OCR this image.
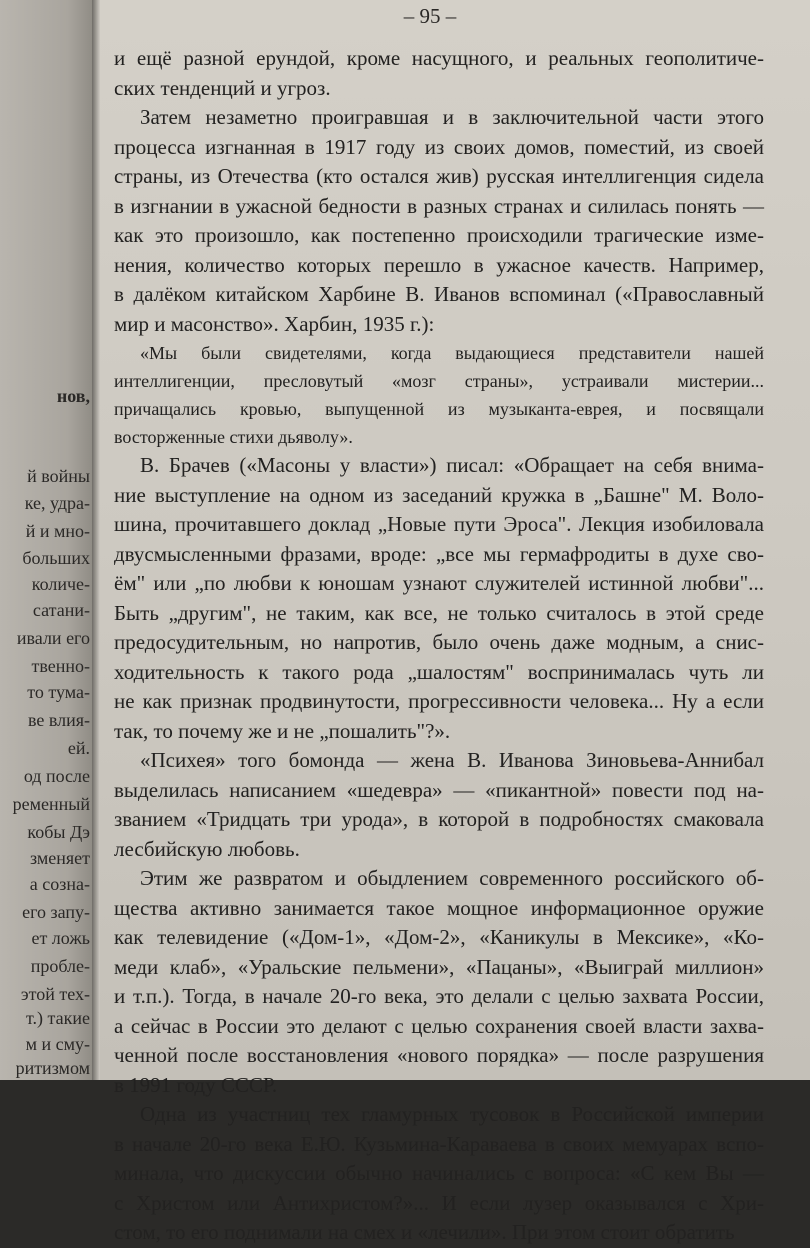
нов,
й войны
ке, удра-
й и мно-
больших
количе-
сатани-
ивали его
твенно-
то тума-
ве влия-
ей.
од после
ременный
кобы Дэ
зменяет
а созна-
его запу-
ет ложь
пробле-
этой тех-
т.) такие
м и сму-
ритизмом
– 95 –
и ещё разной ерундой, кроме насущного, и реальных геополитиче-
ских тенденций и угроз.
Затем незаметно проигравшая и в заключительной части этого
процесса изгнанная в 1917 году из своих домов, поместий, из своей
страны, из Отечества (кто остался жив) русская интеллигенция сидела
в изгнании в ужасной бедности в разных странах и силилась понять —
как это произошло, как постепенно происходили трагические изме-
нения, количество которых перешло в ужасное качеств. Например,
в далёком китайском Харбине В. Иванов вспоминал («Православный
мир и масонство». Харбин, 1935 г.):
«Мы были свидетелями, когда выдающиеся представители нашей
интеллигенции, пресловутый «мозг страны», устраивали мистерии...
причащались кровью, выпущенной из музыканта-еврея, и посвящали
восторженные стихи дьяволу».
В. Брачев («Масоны у власти») писал: «Обращает на себя внима-
ние выступление на одном из заседаний кружка в „Башне" М. Воло-
шина, прочитавшего доклад „Новые пути Эроса". Лекция изобиловала
двусмысленными фразами, вроде: „все мы гермафродиты в духе сво-
ём" или „по любви к юношам узнают служителей истинной любви"...
Быть „другим", не таким, как все, не только считалось в этой среде
предосудительным, но напротив, было очень даже модным, а снис-
ходительность к такого рода „шалостям" воспринималась чуть ли
не как признак продвинутости, прогрессивности человека... Ну а если
так, то почему же и не „пошалить"?».
«Психея» того бомонда — жена В. Иванова Зиновьева-Аннибал
выделилась написанием «шедевра» — «пикантной» повести под на-
званием «Тридцать три урода», в которой в подробностях смаковала
лесбийскую любовь.
Этим же развратом и обыдлением современного российского об-
щества активно занимается такое мощное информационное оружие
как телевидение («Дом-1», «Дом-2», «Каникулы в Мексике», «Ко-
меди клаб», «Уральские пельмени», «Пацаны», «Выиграй миллион»
и т.п.). Тогда, в начале 20-го века, это делали с целью захвата России,
а сейчас в России это делают с целью сохранения своей власти захва-
ченной после восстановления «нового порядка» — после разрушения
в 1991 году СССР.
Одна из участниц тех гламурных тусовок в Российской империи
в начале 20-го века Е.Ю. Кузьмина-Караваева в своих мемуарах вспо-
минала, что дискуссии обычно начинались с вопроса: «С кем Вы —
с Христом или Антихристом?»... И если лузер оказывался с Хри-
стом, то его поднимали на смех и «лечили». При этом стоит обратить
